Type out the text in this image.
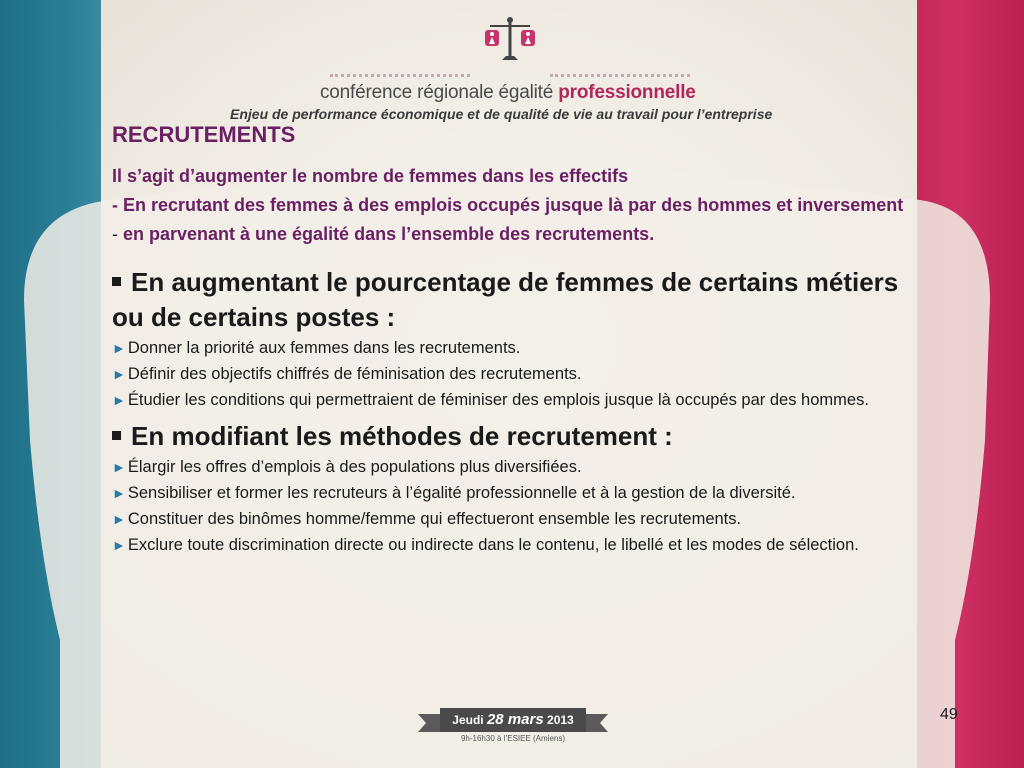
conférence régionale égalité professionnelle
Enjeu de performance économique et de qualité de vie au travail pour l’entreprise
RECRUTEMENTS
Il s’agit d’augmenter le nombre de femmes dans les effectifs
- En recrutant des femmes à des emplois occupés jusque là par des hommes et inversement
- en parvenant à une égalité dans l’ensemble des recrutements.
En augmentant le pourcentage de femmes de certains métiers ou de certains postes :
► Donner la priorité aux femmes dans les recrutements.
► Définir des objectifs chiffrés de féminisation des recrutements.
► Étudier les conditions qui permettraient de féminiser des emplois jusque là occupés par des hommes.
En modifiant les méthodes de recrutement :
► Élargir les offres d’emplois à des populations plus diversifiées.
► Sensibiliser et former les recruteurs à l’égalité professionnelle et à la gestion de la diversité.
► Constituer des binômes homme/femme qui effectueront ensemble les recrutements.
► Exclure toute discrimination directe ou indirecte dans le contenu, le libellé et les modes de sélection.
Jeudi 28 mars 2013
9h-16h30 à l’ESIEE (Amiens)
49
